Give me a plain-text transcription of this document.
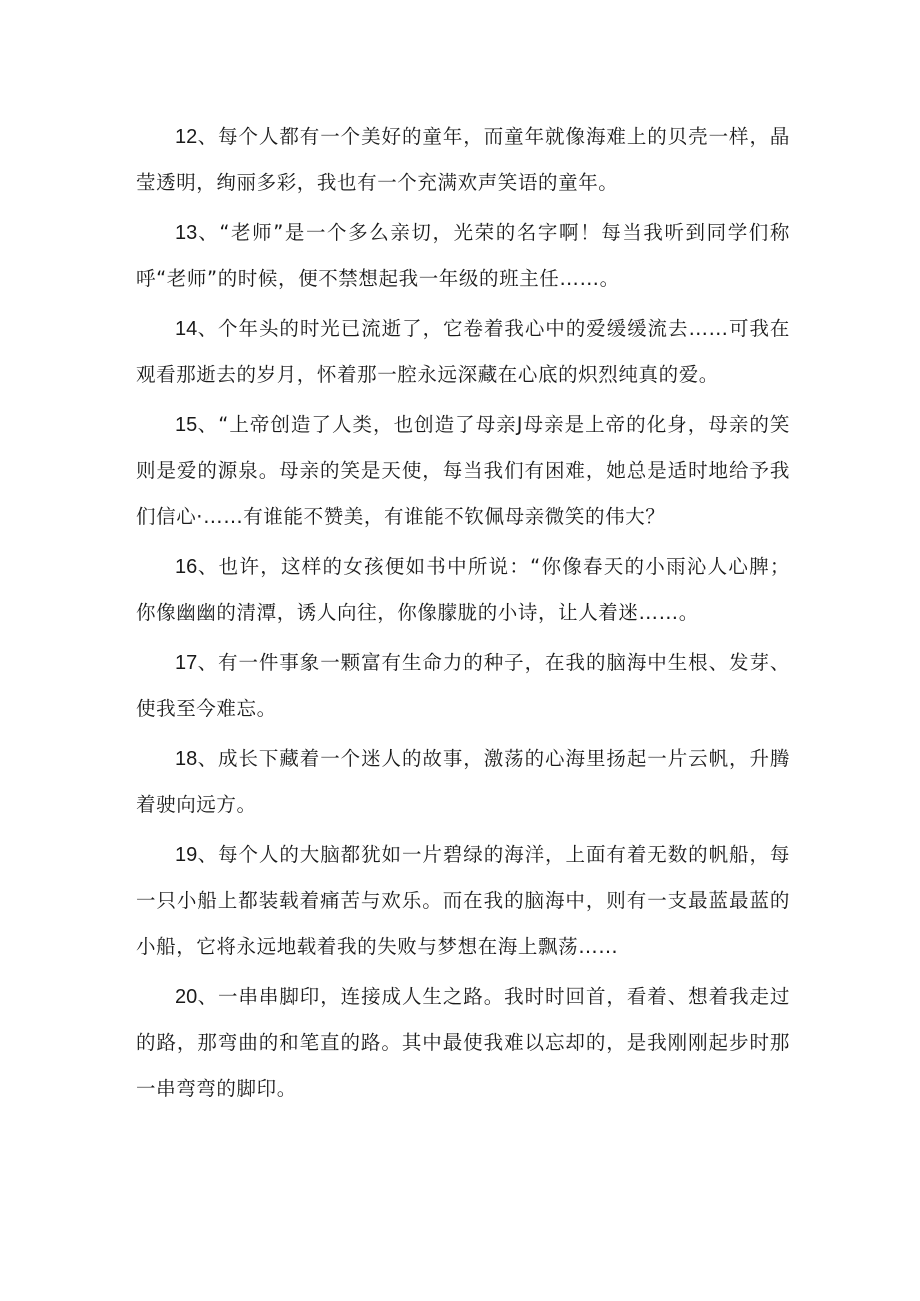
12、每个人都有一个美好的童年，而童年就像海难上的贝壳一样，晶莹透明，绚丽多彩，我也有一个充满欢声笑语的童年。

13、“老师”是一个多么亲切，光荣的名字啊！每当我听到同学们称呼“老师”的时候，便不禁想起我一年级的班主任……。

14、个年头的时光已流逝了，它卷着我心中的爱缓缓流去……可我在观看那逝去的岁月，怀着那一腔永远深藏在心底的炽烈纯真的爱。

15、“上帝创造了人类，也创造了母亲J母亲是上帝的化身，母亲的笑则是爱的源泉。母亲的笑是天使，每当我们有困难，她总是适时地给予我们信心·……有谁能不赞美，有谁能不钦佩母亲微笑的伟大？

16、也许，这样的女孩便如书中所说：“你像春天的小雨沁人心脾；你像幽幽的清潭，诱人向往，你像朦胧的小诗，让人着迷……。

17、有一件事象一颗富有生命力的种子，在我的脑海中生根、发芽、使我至今难忘。

18、成长下藏着一个迷人的故事，激荡的心海里扬起一片云帆，升腾着驶向远方。

19、每个人的大脑都犹如一片碧绿的海洋，上面有着无数的帆船，每一只小船上都装载着痛苦与欢乐。而在我的脑海中，则有一支最蓝最蓝的小船，它将永远地载着我的失败与梦想在海上飘荡……

20、一串串脚印，连接成人生之路。我时时回首，看着、想着我走过的路，那弯曲的和笔直的路。其中最使我难以忘却的，是我刚刚起步时那一串弯弯的脚印。
